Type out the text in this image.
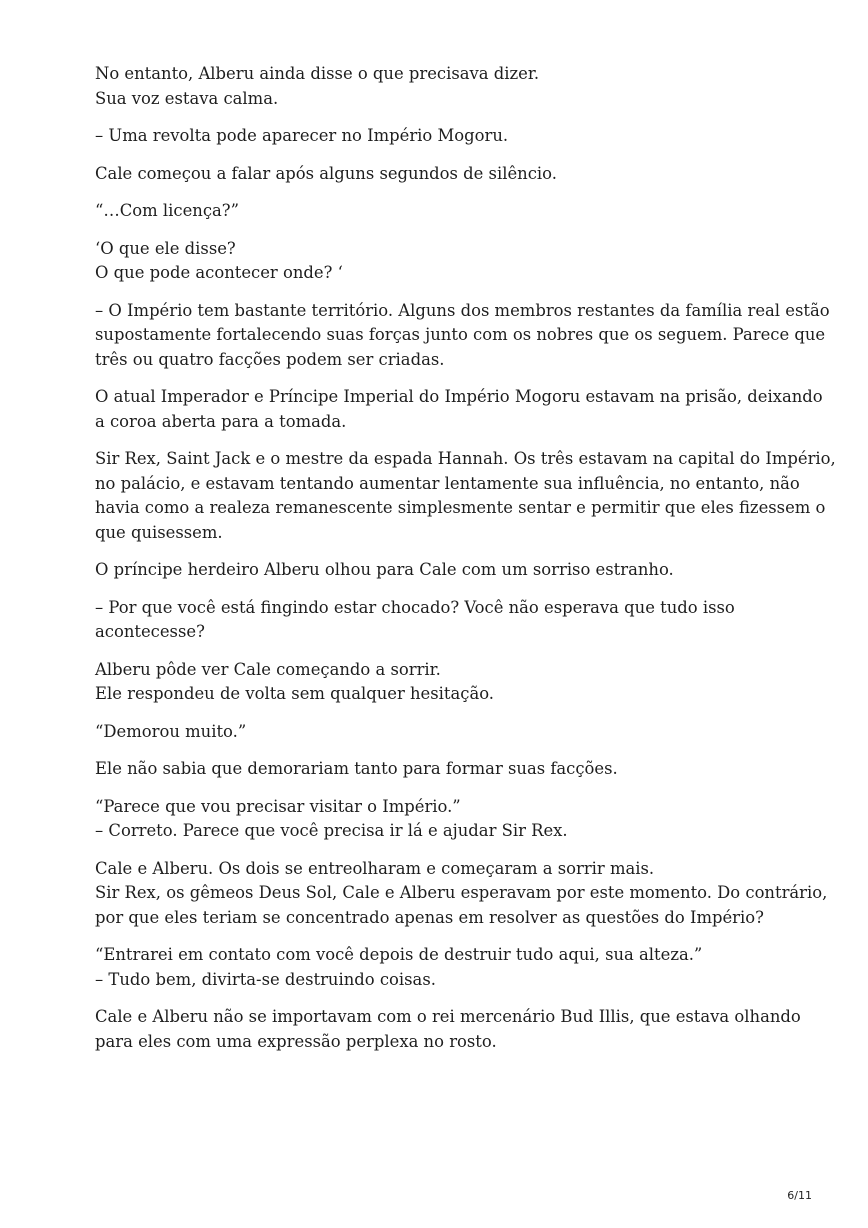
No entanto, Alberu ainda disse o que precisava dizer.
Sua voz estava calma.

– Uma revolta pode aparecer no Império Mogoru.

Cale começou a falar após alguns segundos de silêncio.

“…Com licença?”

‘O que ele disse?
O que pode acontecer onde? ‘

– O Império tem bastante território. Alguns dos membros restantes da família real estão
supostamente fortalecendo suas forças junto com os nobres que os seguem. Parece que
três ou quatro facções podem ser criadas.

O atual Imperador e Príncipe Imperial do Império Mogoru estavam na prisão, deixando
a coroa aberta para a tomada.

Sir Rex, Saint Jack e o mestre da espada Hannah. Os três estavam na capital do Império,
no palácio, e estavam tentando aumentar lentamente sua influência, no entanto, não
havia como a realeza remanescente simplesmente sentar e permitir que eles fizessem o
que quisessem.

O príncipe herdeiro Alberu olhou para Cale com um sorriso estranho.

– Por que você está fingindo estar chocado? Você não esperava que tudo isso
acontecesse?

Alberu pôde ver Cale começando a sorrir.
Ele respondeu de volta sem qualquer hesitação.

“Demorou muito.”

Ele não sabia que demorariam tanto para formar suas facções.

“Parece que vou precisar visitar o Império.”
– Correto. Parece que você precisa ir lá e ajudar Sir Rex.

Cale e Alberu. Os dois se entreolharam e começaram a sorrir mais.
Sir Rex, os gêmeos Deus Sol, Cale e Alberu esperavam por este momento. Do contrário,
por que eles teriam se concentrado apenas em resolver as questões do Império?

“Entrarei em contato com você depois de destruir tudo aqui, sua alteza.”
– Tudo bem, divirta-se destruindo coisas.

Cale e Alberu não se importavam com o rei mercenário Bud Illis, que estava olhando
para eles com uma expressão perplexa no rosto.

6/11
